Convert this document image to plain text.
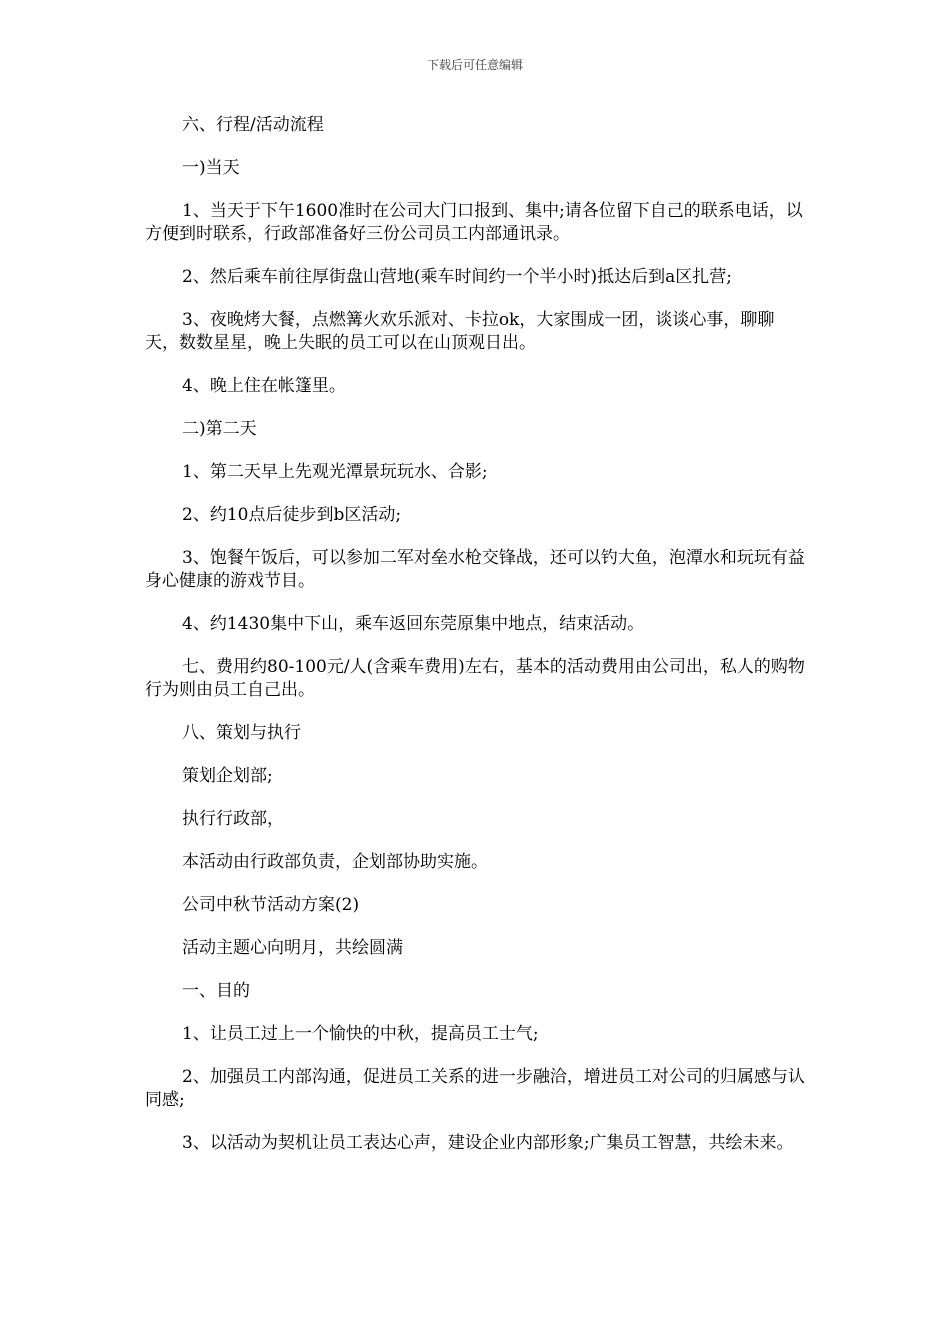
下载后可任意编辑

六、行程/活动流程

一)当天

1、当天于下午1600准时在公司大门口报到、集中;请各位留下自己的联系电话，以方便到时联系，行政部准备好三份公司员工内部通讯录。

2、然后乘车前往厚街盘山营地(乘车时间约一个半小时)抵达后到a区扎营;

3、夜晚烤大餐，点燃篝火欢乐派对、卡拉ok，大家围成一团，谈谈心事，聊聊天，数数星星，晚上失眠的员工可以在山顶观日出。

4、晚上住在帐篷里。

二)第二天

1、第二天早上先观光潭景玩玩水、合影;

2、约10点后徒步到b区活动;

3、饱餐午饭后，可以参加二军对垒水枪交锋战，还可以钓大鱼，泡潭水和玩玩有益身心健康的游戏节目。

4、约1430集中下山，乘车返回东莞原集中地点，结束活动。

七、费用约80-100元/人(含乘车费用)左右，基本的活动费用由公司出，私人的购物行为则由员工自己出。

八、策划与执行

策划企划部;

执行行政部，

本活动由行政部负责，企划部协助实施。

公司中秋节活动方案(2)

活动主题心向明月，共绘圆满

一、目的

1、让员工过上一个愉快的中秋，提高员工士气;

2、加强员工内部沟通，促进员工关系的进一步融洽，增进员工对公司的归属感与认同感;

3、以活动为契机让员工表达心声，建设企业内部形象;广集员工智慧，共绘未来。
